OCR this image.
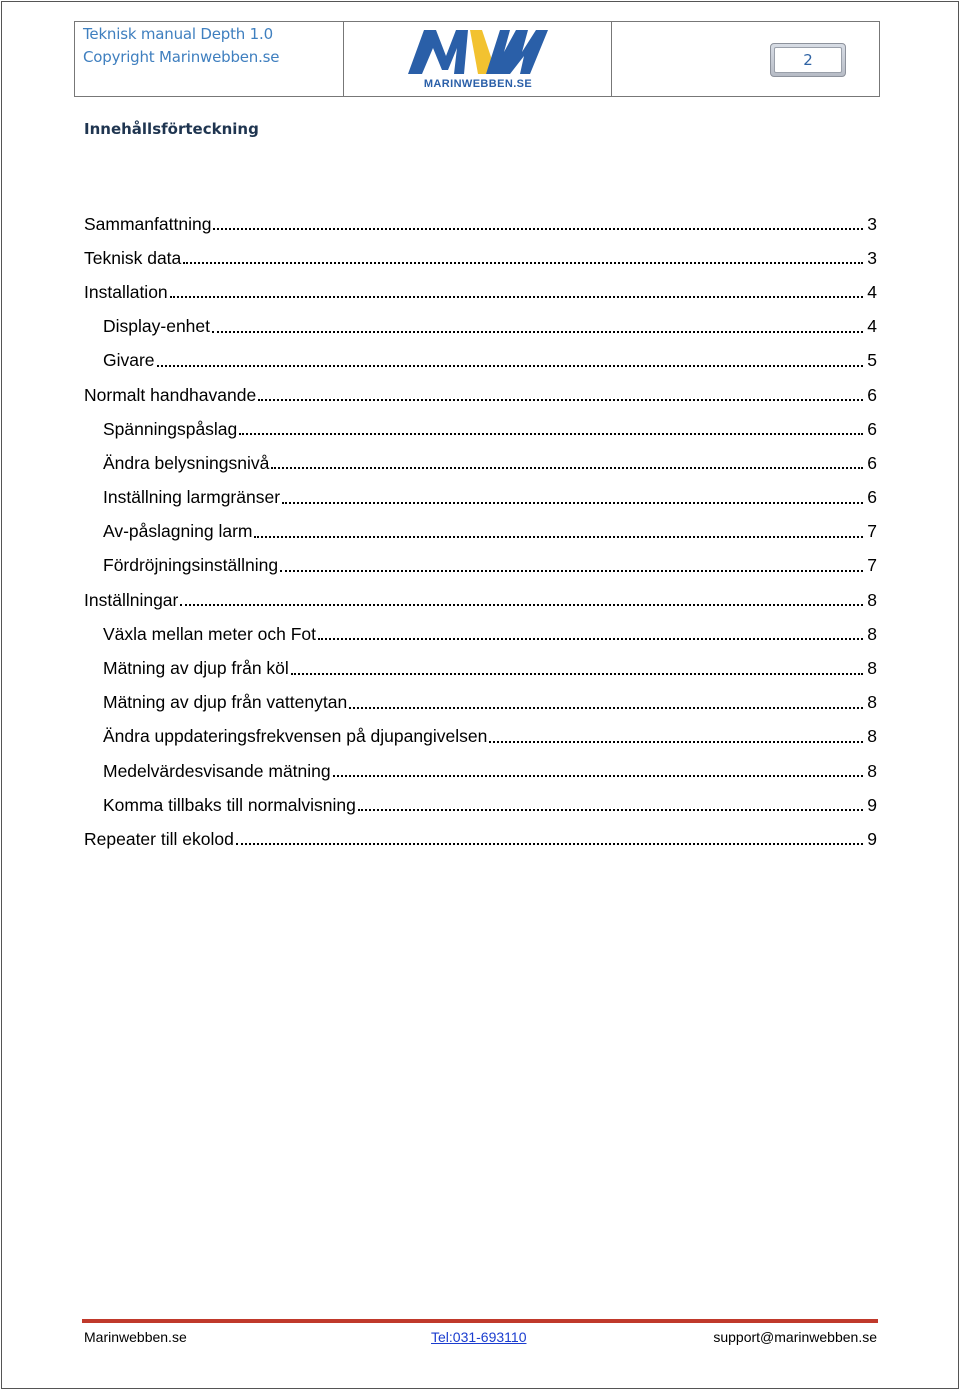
Teknisk manual Depth 1.0
Copyright Marinwebben.se
MARINWEBBEN.SE
2
Innehållsförteckning
Sammanfattning	3
Teknisk data	3
Installation	4
Display-enhet	4
Givare	5
Normalt handhavande	6
Spänningspåslag	6
Ändra belysningsnivå	6
Inställning larmgränser	6
Av-påslagning larm	7
Fördröjningsinställning	7
Inställningar	8
Växla mellan meter och Fot	8
Mätning av djup från köl	8
Mätning av djup från vattenytan	8
Ändra uppdateringsfrekvensen på djupangivelsen	8
Medelvärdesvisande mätning	8
Komma tillbaks till normalvisning	9
Repeater till ekolod	9
Marinwebben.se	Tel:031-693110	support@marinwebben.se
